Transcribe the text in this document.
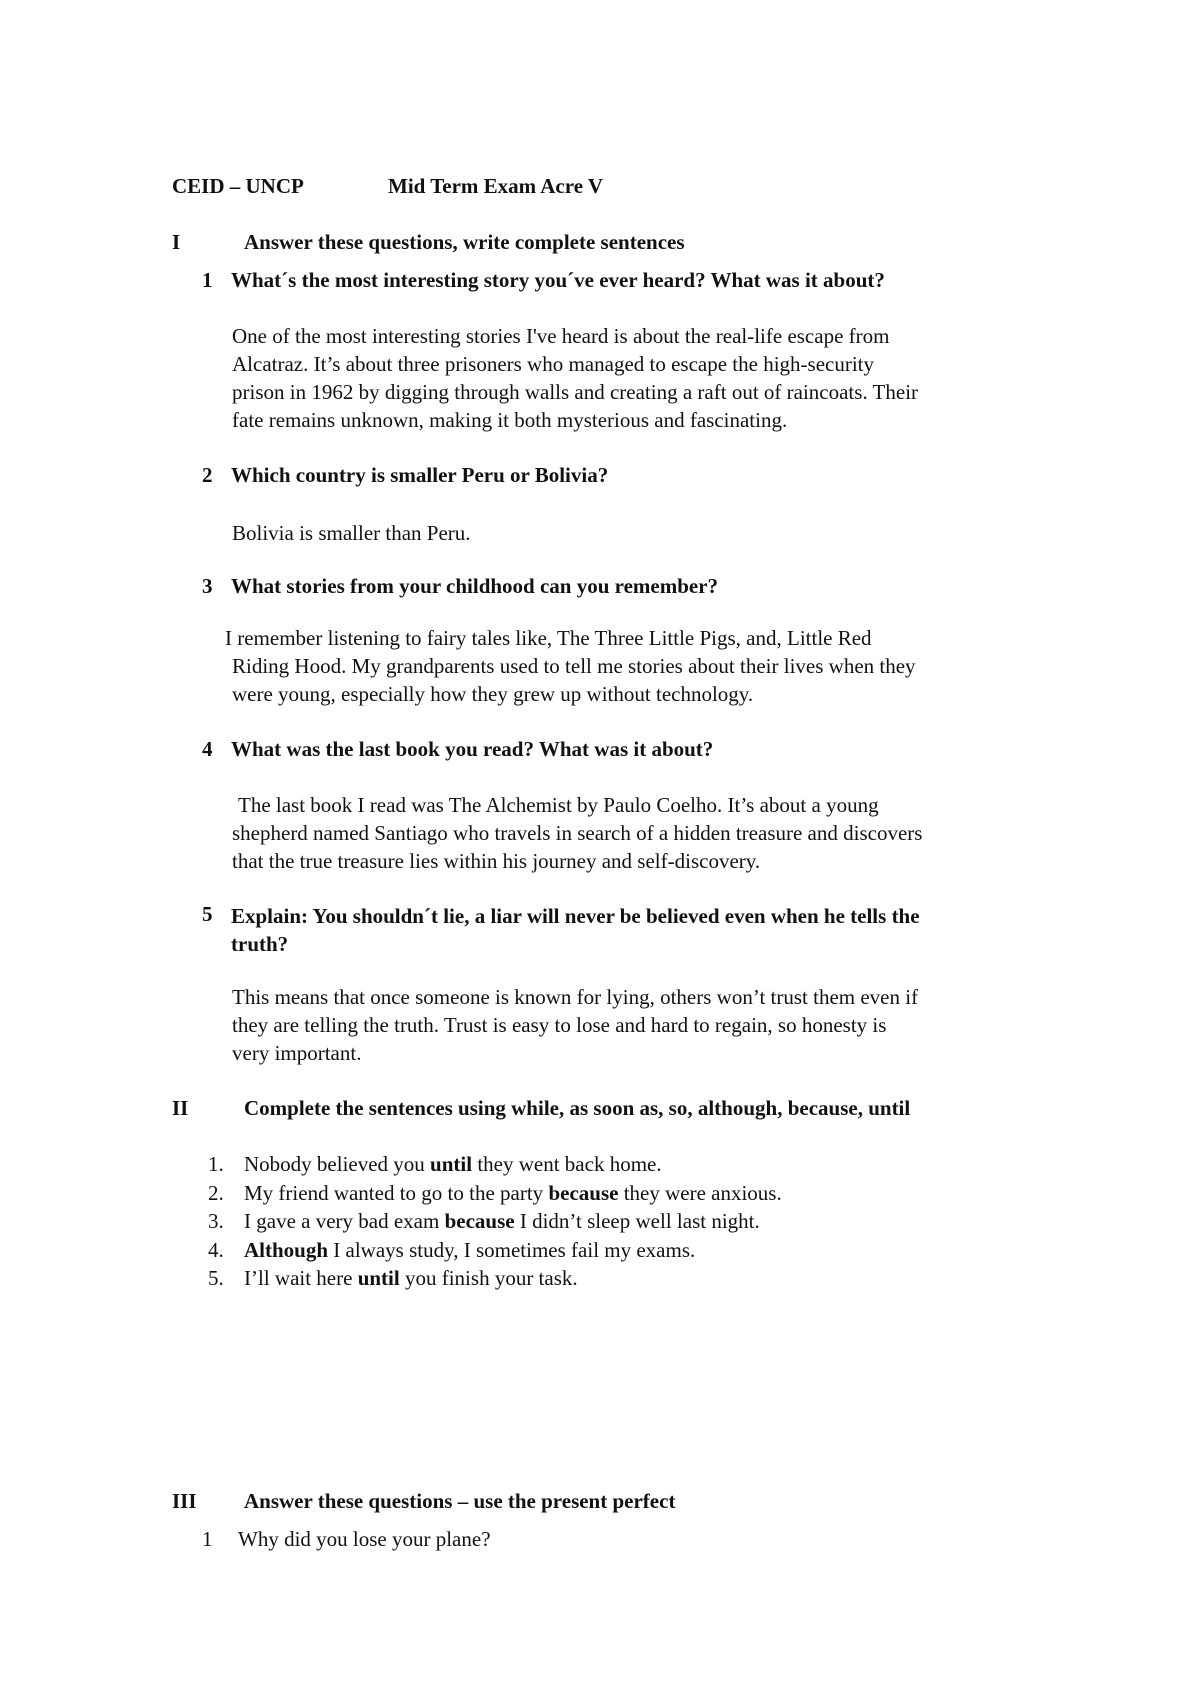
CEID – UNCP	Mid Term Exam Acre V
I	Answer these questions, write complete sentences
1 What´s the most interesting story you´ve ever heard? What was it about?
One of the most interesting stories I've heard is about the real-life escape from
Alcatraz. It’s about three prisoners who managed to escape the high-security
prison in 1962 by digging through walls and creating a raft out of raincoats. Their
fate remains unknown, making it both mysterious and fascinating.
2 Which country is smaller Peru or Bolivia?
Bolivia is smaller than Peru.
3 What stories from your childhood can you remember?
I remember listening to fairy tales like, The Three Little Pigs, and, Little Red
Riding Hood. My grandparents used to tell me stories about their lives when they
were young, especially how they grew up without technology.
4 What was the last book you read? What was it about?
The last book I read was The Alchemist by Paulo Coelho. It’s about a young
shepherd named Santiago who travels in search of a hidden treasure and discovers
that the true treasure lies within his journey and self-discovery.
5 Explain: You shouldn´t lie, a liar will never be believed even when he tells the
truth?
This means that once someone is known for lying, others won’t trust them even if
they are telling the truth. Trust is easy to lose and hard to regain, so honesty is
very important.
II	Complete the sentences using while, as soon as, so, although, because, until
1. Nobody believed you until they went back home.
2. My friend wanted to go to the party because they were anxious.
3. I gave a very bad exam because I didn’t sleep well last night.
4. Although I always study, I sometimes fail my exams.
5. I’ll wait here until you finish your task.
III Answer these questions – use the present perfect
1 Why did you lose your plane?
